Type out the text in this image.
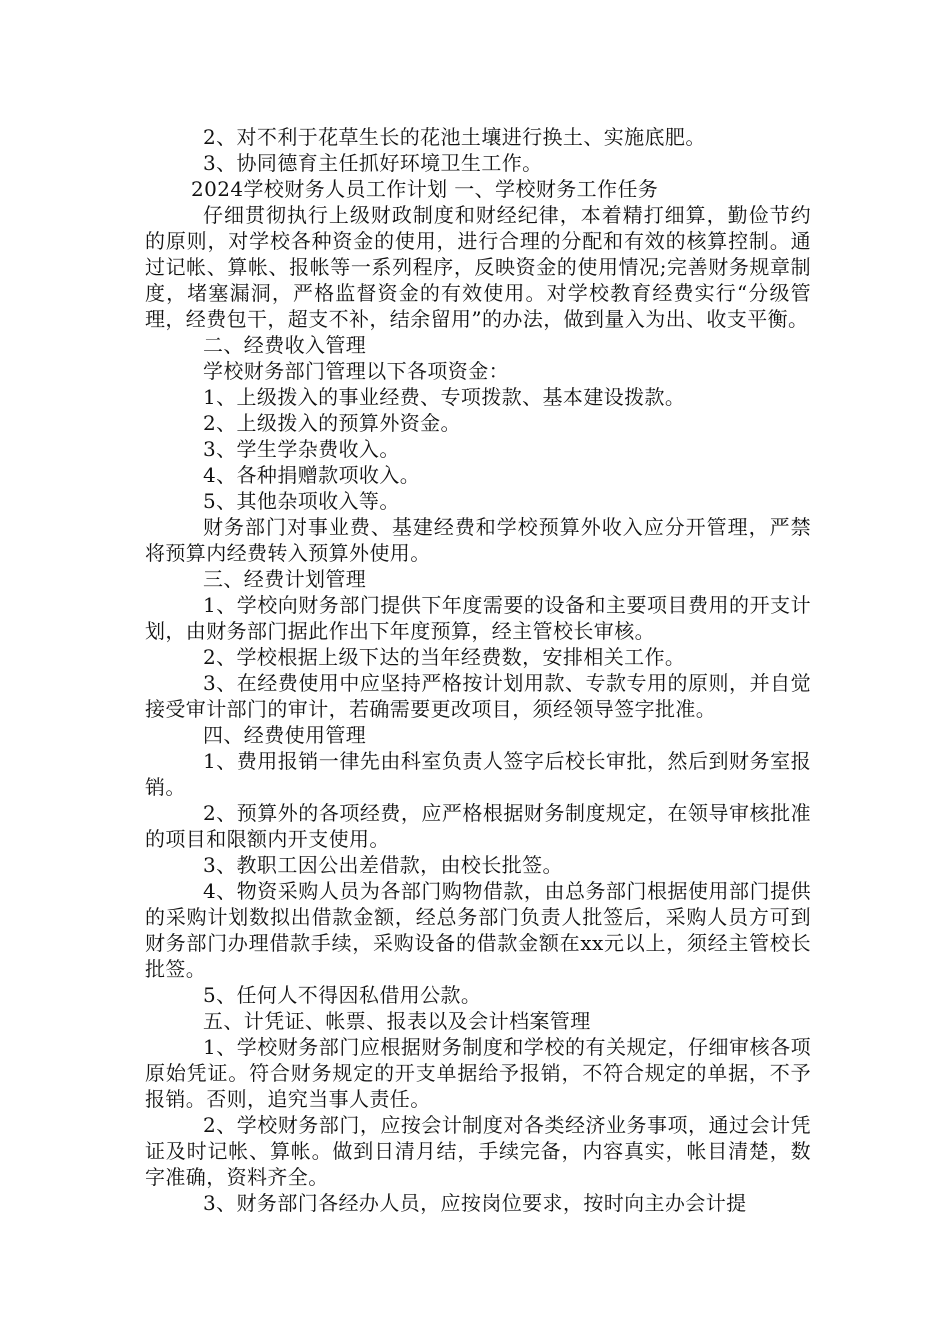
2、对不利于花草生长的花池土壤进行换土、实施底肥。

3、协同德育主任抓好环境卫生工作。

2024学校财务人员工作计划 一、学校财务工作任务

仔细贯彻执行上级财政制度和财经纪律，本着精打细算，勤俭节约的原则，对学校各种资金的使用，进行合理的分配和有效的核算控制。通过记帐、算帐、报帐等一系列程序，反映资金的使用情况;完善财务规章制度，堵塞漏洞，严格监督资金的有效使用。对学校教育经费实行“分级管理，经费包干，超支不补，结余留用”的办法，做到量入为出、收支平衡。

二、经费收入管理

学校财务部门管理以下各项资金：

1、上级拨入的事业经费、专项拨款、基本建设拨款。

2、上级拨入的预算外资金。

3、学生学杂费收入。

4、各种捐赠款项收入。

5、其他杂项收入等。

财务部门对事业费、基建经费和学校预算外收入应分开管理，严禁将预算内经费转入预算外使用。

三、经费计划管理

1、学校向财务部门提供下年度需要的设备和主要项目费用的开支计划，由财务部门据此作出下年度预算，经主管校长审核。

2、学校根据上级下达的当年经费数，安排相关工作。

3、在经费使用中应坚持严格按计划用款、专款专用的原则，并自觉接受审计部门的审计，若确需要更改项目，须经领导签字批准。

四、经费使用管理

1、费用报销一律先由科室负责人签字后校长审批，然后到财务室报销。

2、预算外的各项经费，应严格根据财务制度规定，在领导审核批准的项目和限额内开支使用。

3、教职工因公出差借款，由校长批签。

4、物资采购人员为各部门购物借款，由总务部门根据使用部门提供的采购计划数拟出借款金额，经总务部门负责人批签后，采购人员方可到财务部门办理借款手续，采购设备的借款金额在xx元以上，须经主管校长批签。

5、任何人不得因私借用公款。

五、计凭证、帐票、报表以及会计档案管理

1、学校财务部门应根据财务制度和学校的有关规定，仔细审核各项原始凭证。符合财务规定的开支单据给予报销，不符合规定的单据，不予报销。否则，追究当事人责任。

2、学校财务部门，应按会计制度对各类经济业务事项，通过会计凭证及时记帐、算帐。做到日清月结，手续完备，内容真实，帐目清楚，数字准确，资料齐全。

3、财务部门各经办人员，应按岗位要求，按时向主办会计提
